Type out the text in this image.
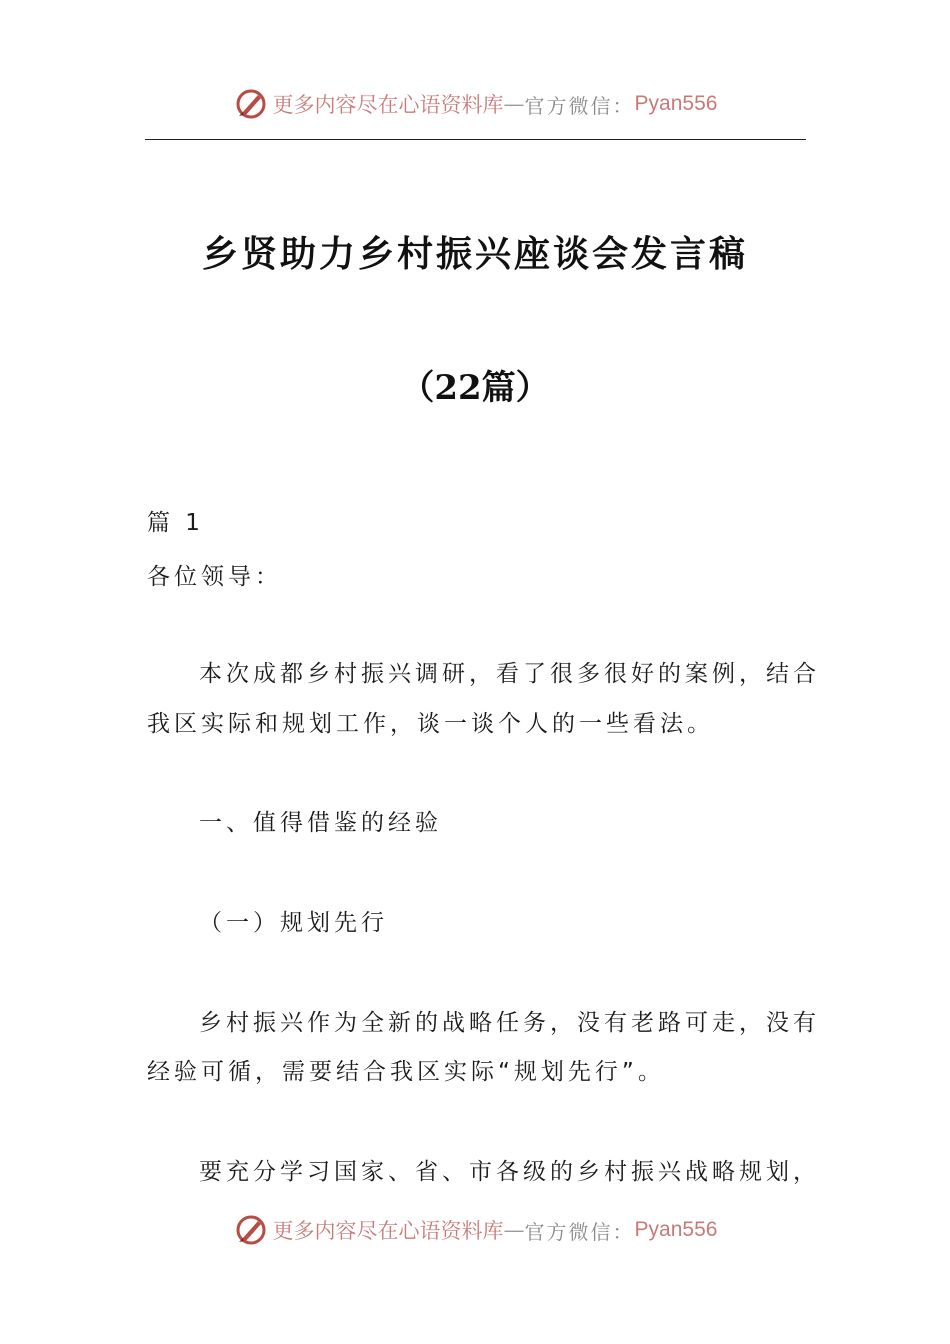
更多内容尽在心语资料库 — 官方微信： Pyan556
乡贤助力乡村振兴座谈会发言稿
（22篇）
篇 1
各位领导：
本次成都乡村振兴调研，看了很多很好的案例，结合
我区实际和规划工作，谈一谈个人的一些看法。
一、值得借鉴的经验
（一）规划先行
乡村振兴作为全新的战略任务，没有老路可走，没有
经验可循，需要结合我区实际“规划先行”。
要充分学习国家、省、市各级的乡村振兴战略规划，
更多内容尽在心语资料库 — 官方微信： Pyan556
